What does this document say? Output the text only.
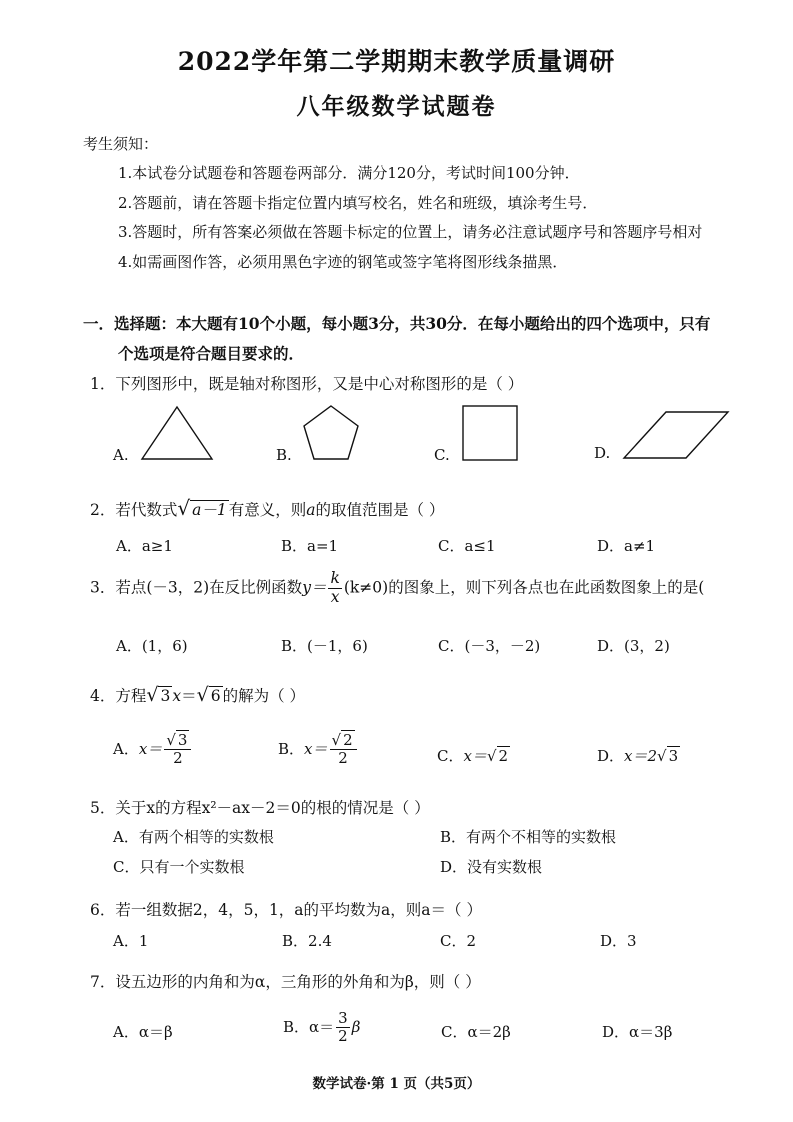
2022学年第二学期期末教学质量调研
八年级数学试题卷
考生须知：
1.本试卷分试题卷和答题卷两部分．满分120分，考试时间100分钟．
2.答题前，请在答题卡指定位置内填写校名，姓名和班级，填涂考生号．
3.答题时，所有答案必须做在答题卡标定的位置上，请务必注意试题序号和答题序号相对
4.如需画图作答，必须用黑色字迹的钢笔或签字笔将图形线条描黑．
一．选择题：本大题有10个小题，每小题3分，共30分．在每小题给出的四个选项中，只有
个选项是符合题目要求的．
1．下列图形中，既是轴对称图形，又是中心对称图形的是（ ）
A.	B.	C.	D.
2．若代数式√ a－1 有意义，则a的取值范围是（ ）
A．a≥1	B．a=1	C．a≤1	D．a≠1
3．若点(－3，2)在反比例函数$y= \frac{k}{x} (k\ne 0)$的图象上，则下列各点也在此函数图象上的是(
A．(1，6)	B．(－1，6)	C．(－3，－2)	D．(3，2)
4．方程√ 3 x＝√ 6 的解为（ ）
A．$x= \frac{√ 3}{2}$	B．$x= \frac{√ 2}{2}$	C．x＝√ 2	D．x＝2√ 3
5．关于x的方程x²－ax－2＝0的根的情况是（ ）
A．有两个相等的实数根	B．有两个不相等的实数根
C．只有一个实数根	D．没有实数根
6．若一组数据2，4，5，1，a的平均数为a，则a＝（ ）
A．1	B．2.4	C．2	D．3
7．设五边形的内角和为α，三角形的外角和为β，则（ ）
A．α＝β	B．$\alpha= \frac{3}{2}$ β	C．α＝2β	D．α＝3β
数学试卷·第 1 页（共5页）
